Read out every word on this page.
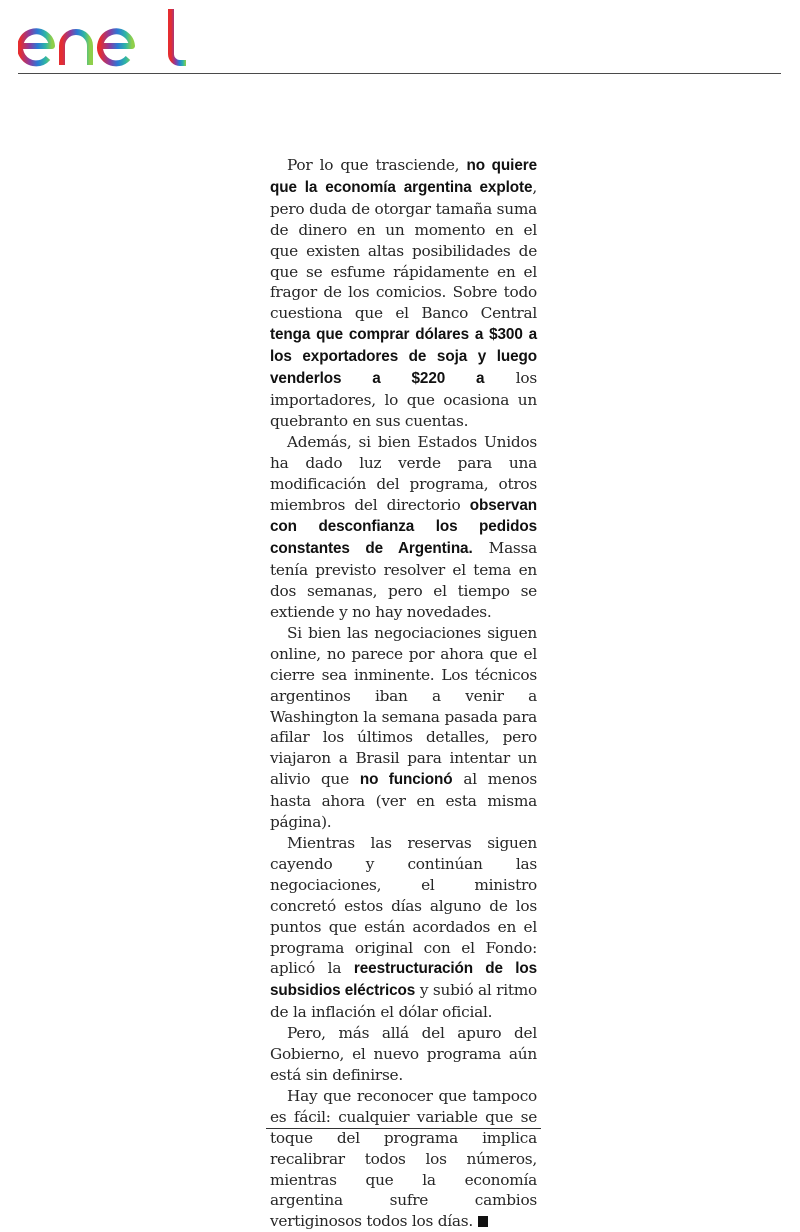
Por lo que trasciende, no quiere que la economía argentina explote, pero duda de otorgar tamaña suma de dinero en un momento en el que existen altas posibilidades de que se esfume rápidamente en el fragor de los comicios. Sobre todo cuestiona que el Banco Central tenga que comprar dólares a $300 a los exportadores de soja y luego venderlos a $220 a los importadores, lo que ocasiona un quebranto en sus cuentas.

Además, si bien Estados Unidos ha dado luz verde para una modificación del programa, otros miembros del directorio observan con desconfianza los pedidos constantes de Argentina. Massa tenía previsto resolver el tema en dos semanas, pero el tiempo se extiende y no hay novedades.

Si bien las negociaciones siguen online, no parece por ahora que el cierre sea inminente. Los técnicos argentinos iban a venir a Washington la semana pasada para afilar los últimos detalles, pero viajaron a Brasil para intentar un alivio que no funcionó al menos hasta ahora (ver en esta misma página).

Mientras las reservas siguen cayendo y continúan las negociaciones, el ministro concretó estos días alguno de los puntos que están acordados en el programa original con el Fondo: aplicó la reestructuración de los subsidios eléctricos y subió al ritmo de la inflación el dólar oficial.

Pero, más allá del apuro del Gobierno, el nuevo programa aún está sin definirse.

Hay que reconocer que tampoco es fácil: cualquier variable que se toque del programa implica recalibrar todos los números, mientras que la economía argentina sufre cambios vertiginosos todos los días.
